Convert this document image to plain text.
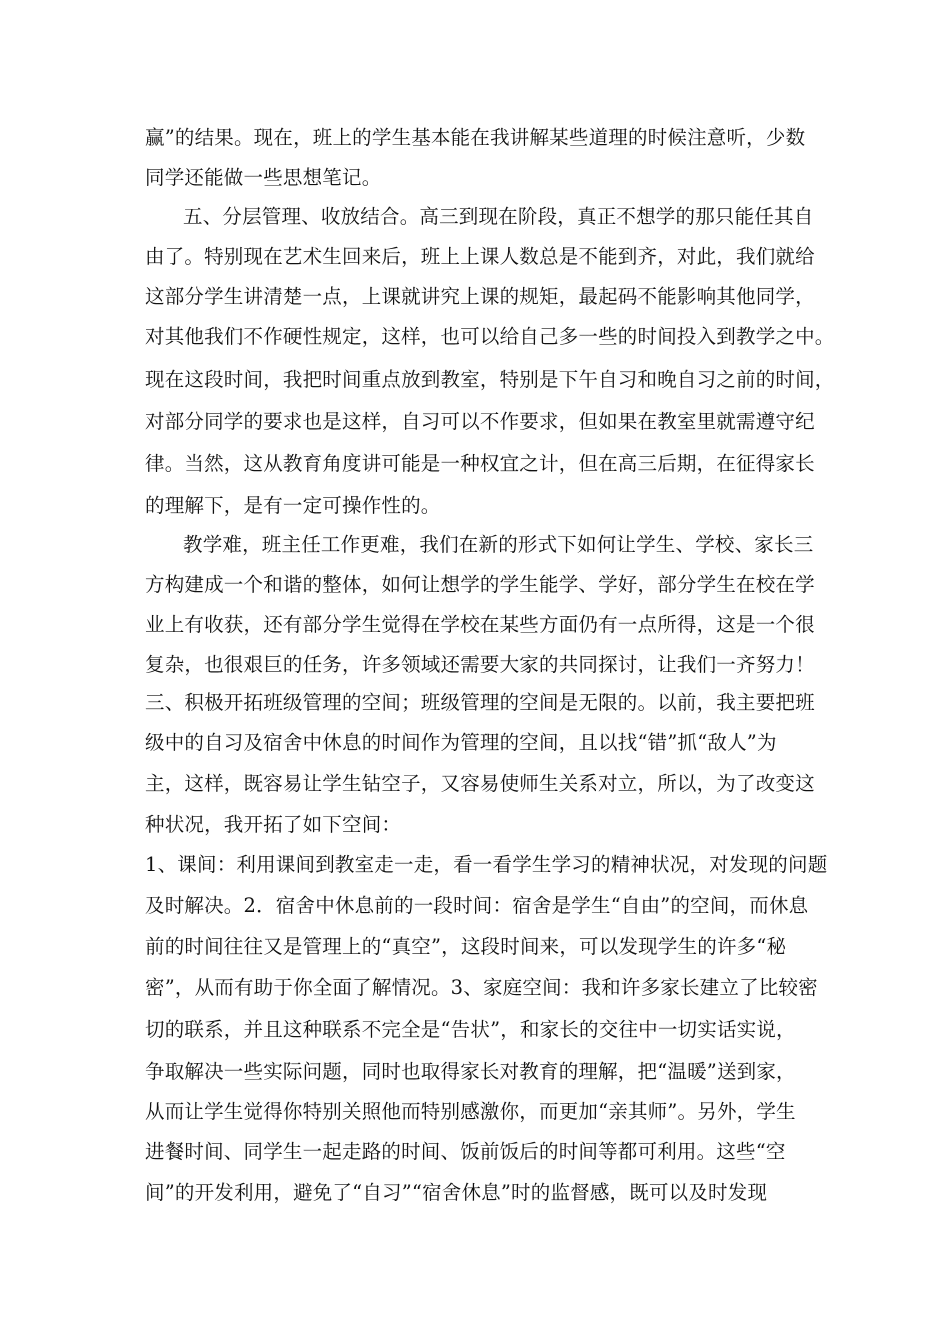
赢”的结果。现在，班上的学生基本能在我讲解某些道理的时候注意听，少数
同学还能做一些思想笔记。
五、分层管理、收放结合。高三到现在阶段，真正不想学的那只能任其自
由了。特别现在艺术生回来后，班上上课人数总是不能到齐，对此，我们就给
这部分学生讲清楚一点，上课就讲究上课的规矩，最起码不能影响其他同学，
对其他我们不作硬性规定，这样，也可以给自己多一些的时间投入到教学之中。
现在这段时间，我把时间重点放到教室，特别是下午自习和晚自习之前的时间，
对部分同学的要求也是这样，自习可以不作要求，但如果在教室里就需遵守纪
律。当然，这从教育角度讲可能是一种权宜之计，但在高三后期，在征得家长
的理解下，是有一定可操作性的。
教学难，班主任工作更难，我们在新的形式下如何让学生、学校、家长三
方构建成一个和谐的整体，如何让想学的学生能学、学好，部分学生在校在学
业上有收获，还有部分学生觉得在学校在某些方面仍有一点所得，这是一个很
复杂，也很艰巨的任务，许多领域还需要大家的共同探讨，让我们一齐努力！
三、积极开拓班级管理的空间；班级管理的空间是无限的。以前，我主要把班
级中的自习及宿舍中休息的时间作为管理的空间，且以找“错”抓“敌人”为
主，这样，既容易让学生钻空子，又容易使师生关系对立，所以，为了改变这
种状况，我开拓了如下空间：
1、课间：利用课间到教室走一走，看一看学生学习的精神状况，对发现的问题
及时解决。2．宿舍中休息前的一段时间：宿舍是学生“自由”的空间，而休息
前的时间往往又是管理上的“真空”，这段时间来，可以发现学生的许多“秘
密”，从而有助于你全面了解情况。3、家庭空间：我和许多家长建立了比较密
切的联系，并且这种联系不完全是“告状”，和家长的交往中一切实话实说，
争取解决一些实际问题，同时也取得家长对教育的理解，把“温暖”送到家，
从而让学生觉得你特别关照他而特别感激你，而更加“亲其师”。另外，学生
进餐时间、同学生一起走路的时间、饭前饭后的时间等都可利用。这些“空
间”的开发利用，避免了“自习”“宿舍休息”时的监督感，既可以及时发现
